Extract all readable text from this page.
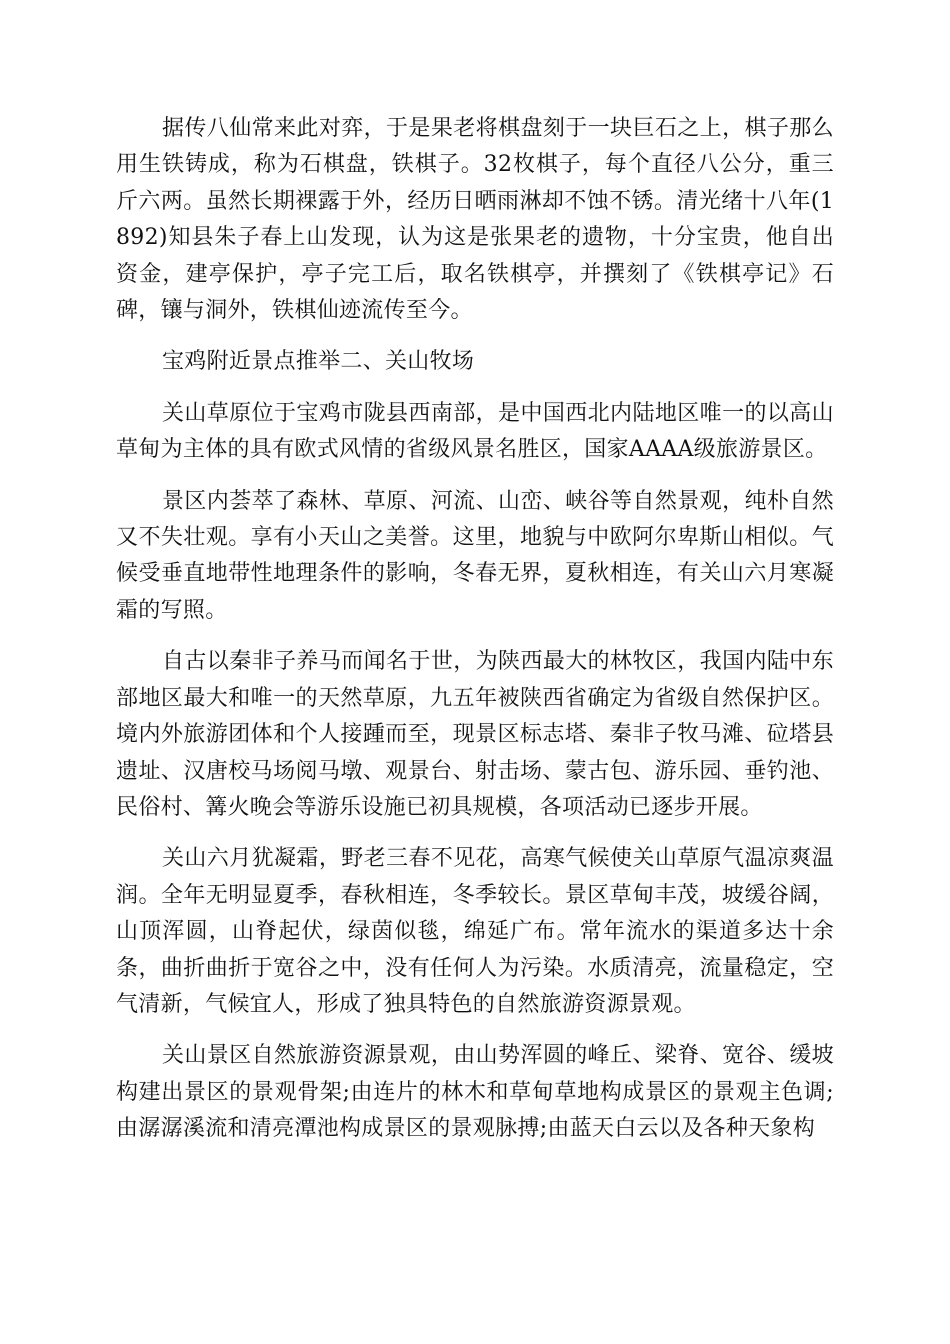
据传八仙常来此对弈，于是果老将棋盘刻于一块巨石之上，棋子那么用生铁铸成，称为石棋盘，铁棋子。32枚棋子，每个直径八公分，重三斤六两。虽然长期裸露于外，经历日晒雨淋却不蚀不锈。清光绪十八年(1892)知县朱子春上山发现，认为这是张果老的遗物，十分宝贵，他自出资金，建亭保护，亭子完工后，取名铁棋亭，并撰刻了《铁棋亭记》石碑，镶与洞外，铁棋仙迹流传至今。

宝鸡附近景点推举二、关山牧场

关山草原位于宝鸡市陇县西南部，是中国西北内陆地区唯一的以高山草甸为主体的具有欧式风情的省级风景名胜区，国家AAAA级旅游景区。

景区内荟萃了森林、草原、河流、山峦、峡谷等自然景观，纯朴自然又不失壮观。享有小天山之美誉。这里，地貌与中欧阿尔卑斯山相似。气候受垂直地带性地理条件的影响，冬春无界，夏秋相连，有关山六月寒凝霜的写照。

自古以秦非子养马而闻名于世，为陕西最大的林牧区，我国内陆中东部地区最大和唯一的天然草原，九五年被陕西省确定为省级自然保护区。境内外旅游团体和个人接踵而至，现景区标志塔、秦非子牧马滩、砬塔县遗址、汉唐校马场阅马墩、观景台、射击场、蒙古包、游乐园、垂钓池、民俗村、篝火晚会等游乐设施已初具规模，各项活动已逐步开展。

关山六月犹凝霜，野老三春不见花，高寒气候使关山草原气温凉爽温润。全年无明显夏季，春秋相连，冬季较长。景区草甸丰茂，坡缓谷阔，山顶浑圆，山脊起伏，绿茵似毯，绵延广布。常年流水的渠道多达十余条，曲折曲折于宽谷之中，没有任何人为污染。水质清亮，流量稳定，空气清新，气候宜人，形成了独具特色的自然旅游资源景观。

关山景区自然旅游资源景观，由山势浑圆的峰丘、梁脊、宽谷、缓坡构建出景区的景观骨架;由连片的林木和草甸草地构成景区的景观主色调;由潺潺溪流和清亮潭池构成景区的景观脉搏;由蓝天白云以及各种天象构
